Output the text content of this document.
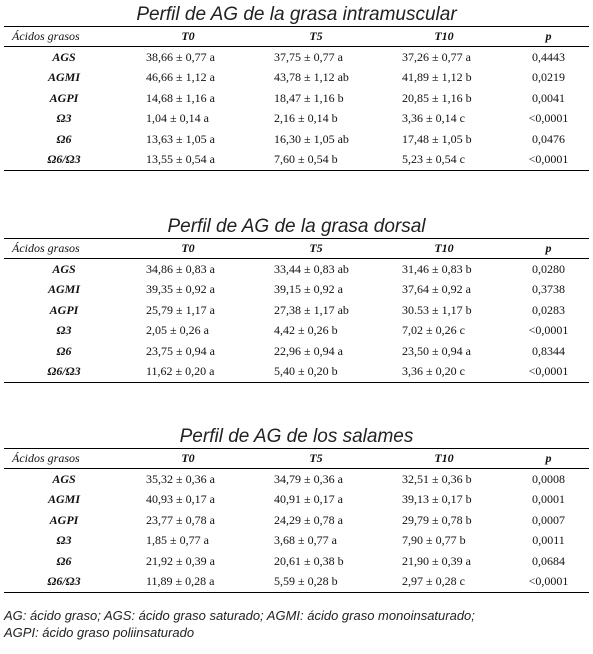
Perfil de AG de la grasa intramuscular
Ácidos grasos	T0	T5	T10	p
AGS	38,66 ± 0,77 a	37,75 ± 0,77 a	37,26 ± 0,77 a	0,4443
AGMI	46,66 ± 1,12 a	43,78 ± 1,12 ab	41,89 ± 1,12 b	0,0219
AGPI	14,68 ± 1,16 a	18,47 ± 1,16 b	20,85 ± 1,16 b	0,0041
Ω3	1,04 ± 0,14 a	2,16 ± 0,14 b	3,36 ± 0,14 c	<0,0001
Ω6	13,63 ± 1,05 a	16,30 ± 1,05 ab	17,48 ± 1,05 b	0,0476
Ω6/Ω3	13,55 ± 0,54 a	7,60 ± 0,54 b	5,23 ± 0,54 c	<0,0001
Perfil de AG de la grasa dorsal
Ácidos grasos	T0	T5	T10	p
AGS	34,86 ± 0,83 a	33,44 ± 0,83 ab	31,46 ± 0,83 b	0,0280
AGMI	39,35 ± 0,92 a	39,15 ± 0,92 a	37,64 ± 0,92 a	0,3738
AGPI	25,79 ± 1,17 a	27,38 ± 1,17 ab	30.53 ± 1,17 b	0,0283
Ω3	2,05 ± 0,26 a	4,42 ± 0,26 b	7,02 ± 0,26 c	<0,0001
Ω6	23,75 ± 0,94 a	22,96 ± 0,94 a	23,50 ± 0,94 a	0,8344
Ω6/Ω3	11,62 ± 0,20 a	5,40 ± 0,20 b	3,36 ± 0,20 c	<0,0001
Perfil de AG de los salames
Ácidos grasos	T0	T5	T10	p
AGS	35,32 ± 0,36 a	34,79 ± 0,36 a	32,51 ± 0,36 b	0,0008
AGMI	40,93 ± 0,17 a	40,91 ± 0,17 a	39,13 ± 0,17 b	0,0001
AGPI	23,77 ± 0,78 a	24,29 ± 0,78 a	29,79 ± 0,78 b	0,0007
Ω3	1,85 ± 0,77 a	3,68 ± 0,77 a	7,90 ± 0,77 b	0,0011
Ω6	21,92 ± 0,39 a	20,61 ± 0,38 b	21,90 ± 0,39 a	0,0684
Ω6/Ω3	11,89 ± 0,28 a	5,59 ± 0,28 b	2,97 ± 0,28 c	<0,0001
AG: ácido graso; AGS: ácido graso saturado; AGMI: ácido graso monoinsaturado;
AGPI: ácido graso poliinsaturado
